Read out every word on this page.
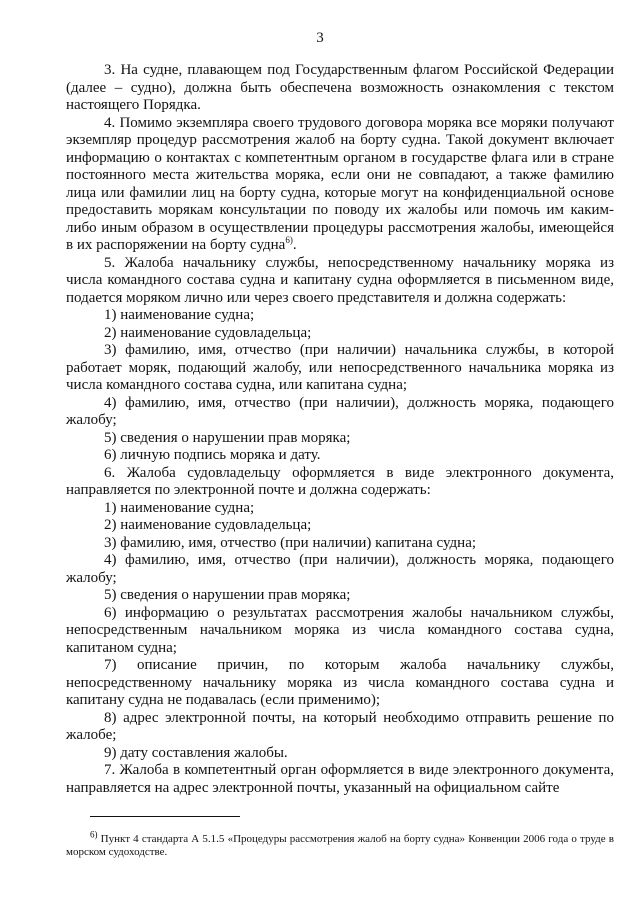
3

3. На судне, плавающем под Государственным флагом Российской Федерации (далее – судно), должна быть обеспечена возможность ознакомления с текстом настоящего Порядка.

4. Помимо экземпляра своего трудового договора моряка все моряки получают экземпляр процедур рассмотрения жалоб на борту судна. Такой документ включает информацию о контактах с компетентным органом в государстве флага или в стране постоянного места жительства моряка, если они не совпадают, а также фамилию лица или фамилии лиц на борту судна, которые могут на конфиденциальной основе предоставить морякам консультации по поводу их жалобы или помочь им каким-либо иным образом в осуществлении процедуры рассмотрения жалобы, имеющейся в их распоряжении на борту судна$^{6)}$.

5. Жалоба начальнику службы, непосредственному начальнику моряка из числа командного состава судна и капитану судна оформляется в письменном виде, подается моряком лично или через своего представителя и должна содержать:

1) наименование судна;

2) наименование судовладельца;

3) фамилию, имя, отчество (при наличии) начальника службы, в которой работает моряк, подающий жалобу, или непосредственного начальника моряка из числа командного состава судна, или капитана судна;

4) фамилию, имя, отчество (при наличии), должность моряка, подающего жалобу;

5) сведения о нарушении прав моряка;

6) личную подпись моряка и дату.

6. Жалоба судовладельцу оформляется в виде электронного документа, направляется по электронной почте и должна содержать:

1) наименование судна;

2) наименование судовладельца;

3) фамилию, имя, отчество (при наличии) капитана судна;

4) фамилию, имя, отчество (при наличии), должность моряка, подающего жалобу;

5) сведения о нарушении прав моряка;

6) информацию о результатах рассмотрения жалобы начальником службы, непосредственным начальником моряка из числа командного состава судна, капитаном судна;

7) описание причин, по которым жалоба начальнику службы, непосредственному начальнику моряка из числа командного состава судна и капитану судна не подавалась (если применимо);

8) адрес электронной почты, на который необходимо отправить решение по жалобе;

9) дату составления жалобы.

7. Жалоба в компетентный орган оформляется в виде электронного документа, направляется на адрес электронной почты, указанный на официальном сайте

$^{6)}$ Пункт 4 стандарта А 5.1.5 «Процедуры рассмотрения жалоб на борту судна» Конвенции 2006 года о труде в морском судоходстве.
